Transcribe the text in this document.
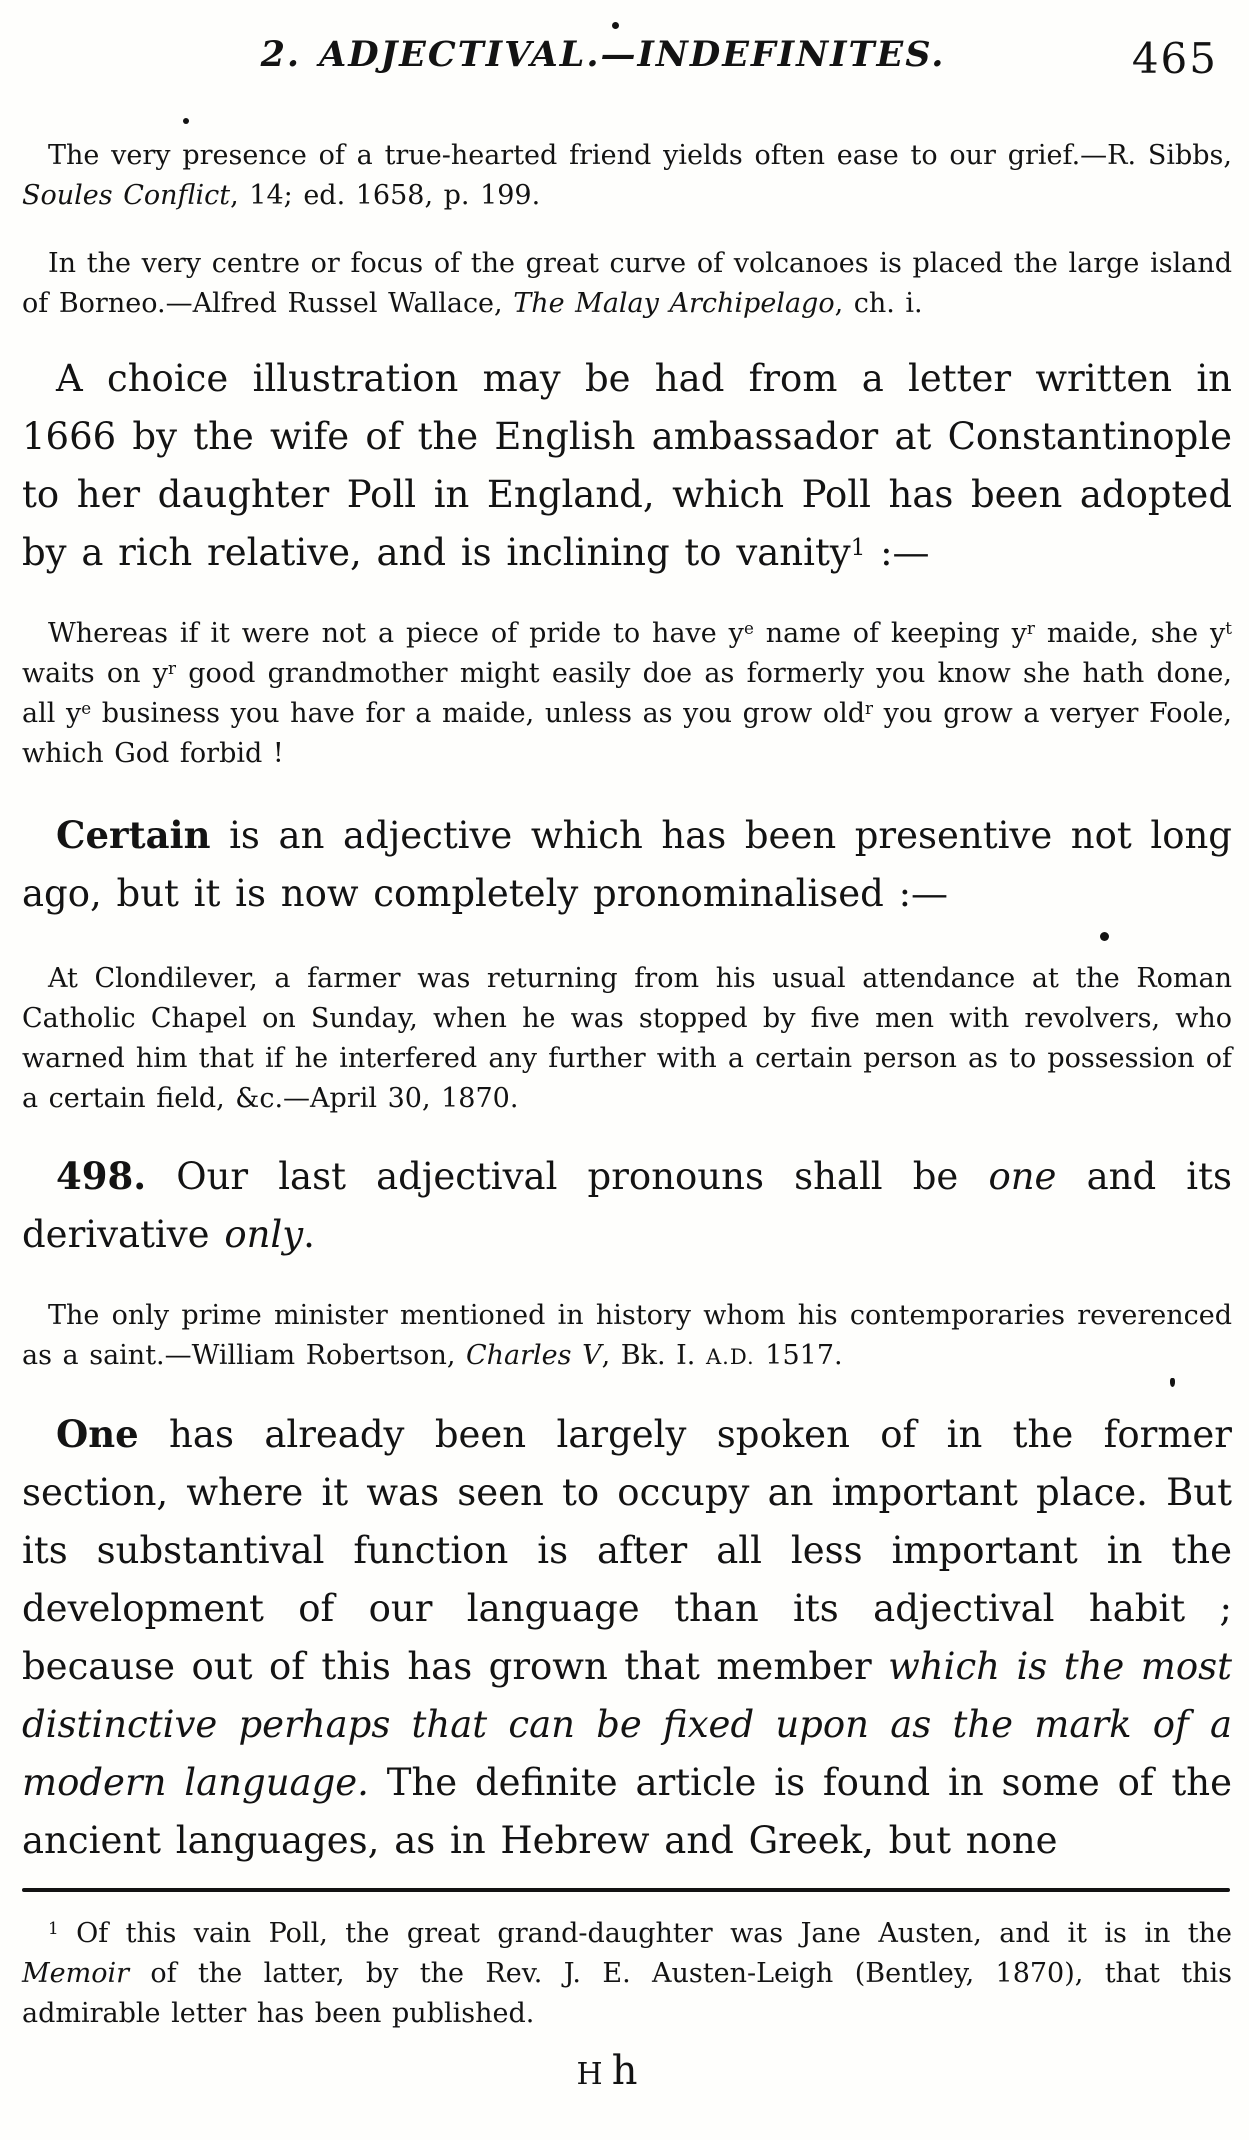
2. ADJECTIVAL.—INDEFINITES.	465

The very presence of a true-hearted friend yields often ease to our grief.—R. Sibbs, Soules Conflict, 14; ed. 1658, p. 199.

In the very centre or focus of the great curve of volcanoes is placed the large island of Borneo.—Alfred Russel Wallace, The Malay Archipelago, ch. i.

A choice illustration may be had from a letter written in 1666 by the wife of the English ambassador at Constantinople to her daughter Poll in England, which Poll has been adopted by a rich relative, and is inclining to vanity$^1$ :—

Whereas if it were not a piece of pride to have $y^e$ name of keeping $y^r$ maide, she $y^t$ waits on $y^r$ good grandmother might easily doe as formerly you know she hath done, all $y^e$ business you have for a maide, unless as you grow old$^r$ you grow a veryer Foole, which God forbid !

Certain is an adjective which has been presentive not long ago, but it is now completely pronominalised :—

At Clondilever, a farmer was returning from his usual attendance at the Roman Catholic Chapel on Sunday, when he was stopped by five men with revolvers, who warned him that if he interfered any further with a certain person as to possession of a certain field, &c.—April 30, 1870.

498. Our last adjectival pronouns shall be one and its derivative only.

The only prime minister mentioned in history whom his contemporaries reverenced as a saint.—William Robertson, Charles V, Bk. I. A.D. 1517.

One has already been largely spoken of in the former section, where it was seen to occupy an important place. But its substantival function is after all less important in the development of our language than its adjectival habit ; because out of this has grown that member which is the most distinctive perhaps that can be fixed upon as the mark of a modern language. The definite article is found in some of the ancient languages, as in Hebrew and Greek, but none

$^1$ Of this vain Poll, the great grand-daughter was Jane Austen, and it is in the Memoir of the latter, by the Rev. J. E. Austen-Leigh (Bentley, 1870), that this admirable letter has been published.

H h
